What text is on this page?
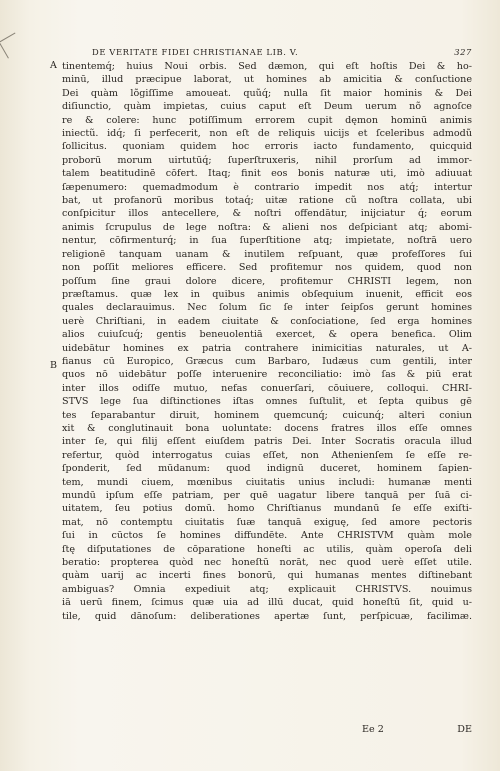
DE VERITATE FIDEI CHRISTIANAE LIB. V.	327
A
B
tinentemq́; huius Noui orbis. Sed dæmon, qui eſt hoſtis Dei & ho-
minū, illud præcipue laborat, ut homines ab amicitia & conſuctione
Dei quàm lõgiſſime amoueat. quũq́; nulla ſit maior hominis & Dei
diſiunctio, quàm impietas, cuius caput eſt Deum uerum nõ agnoſce
re & colere: hunc potiſſimum errorem cupit dęmon hominū animis
iniectũ. idq́; ſi perfecerit, non eſt de reliquis uicijs et ſceleribus admodũ
ſollicitus. quoniam quidem hoc erroris iacto fundamento, quicquid
proborū morum uirtutūq́; ſuperſtruxeris, nihil prorſum ad immor-
talem beatitudinē cōfert. Itaq; finit eos bonis naturæ uti, imò adiuuat
ſæpenumero: quemadmodum è contrario impedit nos atq́; intertur
bat, ut profanorū moribus totaq́; uitæ ratione cũ noſtra collata, ubi
conſpicitur illos antecellere, & noſtri offendātur, inijciatur q́; eorum
animis ſcrupulus de lege noſtra: & alieni nos deſpiciant atq; abomi-
nentur, cōfirmenturq́; in ſua ſuperſtitione atq; impietate, noſtrā uero
religionē tanquam uanam & inutilem reſpuant, quæ profeſſores ſui
non poſſit meliores efficere. Sed profitemur nos quidem, quod non
poſſum ſine graui dolore dicere, profitemur CHRISTI legem, non
præſtamus. quæ lex in quibus animis obſequium inuenit, efficit eos
quales declarauimus. Nec ſolum ſic ſe inter ſeipſos gerunt homines
uerè Chriſtiani, in eadem ciuitate & conſociatione, ſed erga homines
alios cuiuſcuq́; gentis beneuolentiā exercet, & opera benefica. Olim
uidebātur homines ex patria contrahere inimicitias naturales, ut A-
fianus cū Europico, Græcus cum Barbaro, Iudæus cum gentili, inter
quos nō uidebātur poſſe interuenire reconciliatio: imò ſas & piū erat
inter illos odiſſe mutuo, nefas conuerſari, cōuiuere, colloqui. CHRI-
STVS lege ſua diſtinctiones iſtas omnes ſuſtulit, et ſepta quibus gē
tes ſeparabantur diruit, hominem quemcunq́; cuicunq́; alteri coniun
xit & conglutinauit bona uoluntate: docens fratres illos eſſe omnes
inter ſe, qui filij eſſent eiuſdem patris Dei. Inter Socratis oracula illud
refertur, quòd interrogatus cuias eſſet, non Athenienſem ſe eſſe re-
ſponderit, ſed mūdanum: quod indignū duceret, hominem ſapien-
tem, mundi ciuem, mœnibus ciuitatis unius includi: humanæ menti
mundū ipſum eſſe patriam, per quē uagatur libere tanquā per ſuā ci-
uitatem, ſeu potius domū. homo Chriſtianus mundanū ſe eſſe exiſti-
mat, nō contemptu ciuitatis ſuæ tanquā exiguę, ſed amore pectoris
ſui in cūctos ſe homines diffundēte. Ante CHRISTVM quàm mole
ſtę diſputationes de cōparatione honeſti ac utilis, quàm operoſa deli
beratio: propterea quòd nec honeſtū norāt, nec quod uerè eſſet utile.
quàm uarij ac incerti fines bonorū, qui humanas mentes diſtinebant
ambiguas? Omnia expediuit atq; explicauit CHRISTVS. nouimus
iā uerū finem, ſcimus quæ uia ad illū ducat, quid honeſtū ſit, quid u-
tile, quid dānoſum: deliberationes apertæ ſunt, perſpicuæ, facilimæ.
Ee 2	DE
